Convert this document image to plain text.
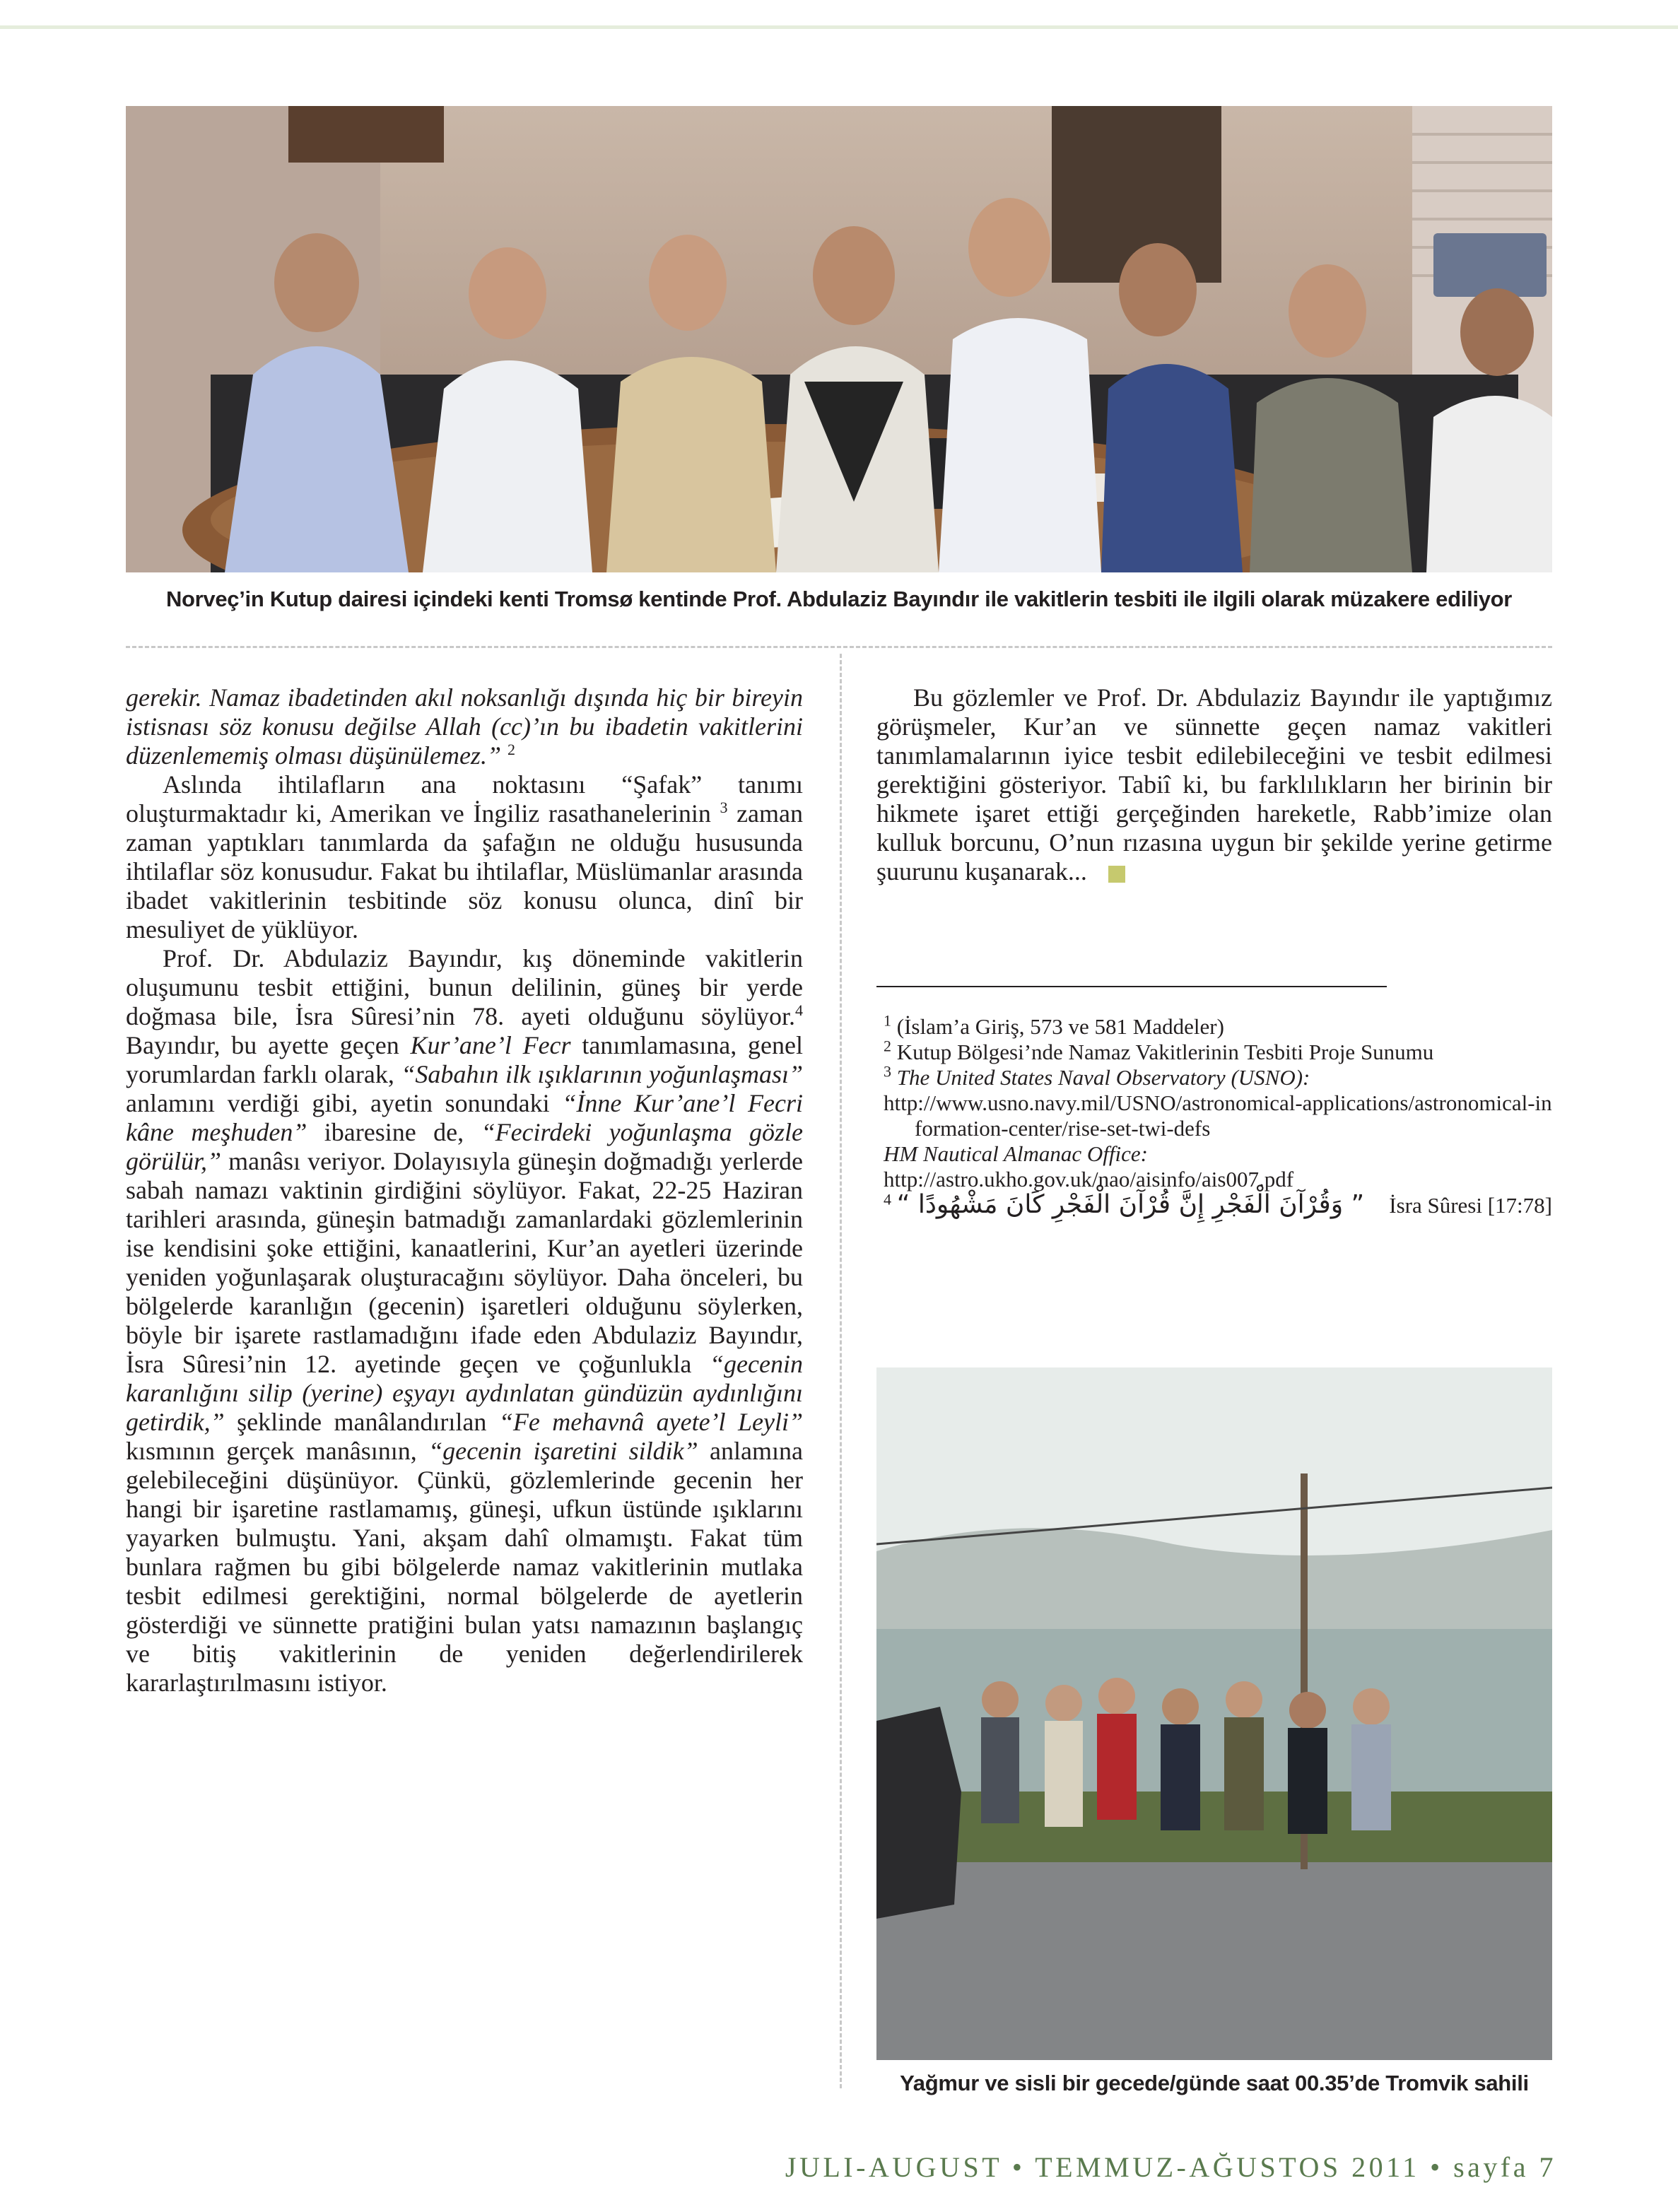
Norveç’in Kutup dairesi içindeki kenti Tromsø kentinde Prof. Abdulaziz Bayındır ile vakitlerin tesbiti ile ilgili olarak müzakere ediliyor

gerekir. Namaz ibadetinden akıl noksanlığı dışında hiç bir bireyin istisnası söz konusu değilse Allah (cc)’ın bu ibadetin vakitlerini düzenlememiş olması düşünülemez.” $^2$

Aslında ihtilafların ana noktasını “Şafak” tanımı oluşturmaktadır ki, Amerikan ve İngiliz rasathanelerinin $^3$ zaman zaman yaptıkları tanımlarda da şafağın ne olduğu hususunda ihtilaflar söz konusudur. Fakat bu ihtilaflar, Müslümanlar arasında ibadet vakitlerinin tesbitinde söz konusu olunca, dinî bir mesuliyet de yüklüyor.

Prof. Dr. Abdulaziz Bayındır, kış döneminde vakitlerin oluşumunu tesbit ettiğini, bunun delilinin, güneş bir yerde doğmasa bile, İsra Sûresi’nin 78. ayeti olduğunu söylüyor.$^4$ Bayındır, bu ayette geçen Kur’ane’l Fecr tanımlamasına, genel yorumlardan farklı olarak, “Sabahın ilk ışıklarının yoğunlaşması” anlamını verdiği gibi, ayetin sonundaki “İnne Kur’ane’l Fecri kâne meşhuden” ibaresine de, “Fecirdeki yoğunlaşma gözle görülür,” manâsı veriyor. Dolayısıyla güneşin doğmadığı yerlerde sabah namazı vaktinin girdiğini söylüyor. Fakat, 22-25 Haziran tarihleri arasında, güneşin batmadığı zamanlardaki gözlemlerinin ise kendisini şoke ettiğini, kanaatlerini, Kur’an ayetleri üzerinde yeniden yoğunlaşarak oluşturacağını söylüyor. Daha önceleri, bu bölgelerde karanlığın (gecenin) işaretleri olduğunu söylerken, böyle bir işarete rastlamadığını ifade eden Abdulaziz Bayındır, İsra Sûresi’nin 12. ayetinde geçen ve çoğunlukla “gecenin karanlığını silip (yerine) eşyayı aydınlatan gündüzün aydınlığını getirdik,” şeklinde manâlandırılan “Fe mehavnâ ayete’l Leyli” kısmının gerçek manâsının, “gecenin işaretini sildik” anlamına gelebileceğini düşünüyor. Çünkü, gözlemlerinde gecenin her hangi bir işaretine rastlamamış, güneşi, ufkun üstünde ışıklarını yayarken bulmuştu. Yani, akşam dahî olmamıştı. Fakat tüm bunlara rağmen bu gibi bölgelerde namaz vakitlerinin mutlaka tesbit edilmesi gerektiğini, normal bölgelerde de ayetlerin gösterdiği ve sünnette pratiğini bulan yatsı namazının başlangıç ve bitiş vakitlerinin de yeniden değerlendirilerek kararlaştırılmasını istiyor.

Bu gözlemler ve Prof. Dr. Abdulaziz Bayındır ile yaptığımız görüşmeler, Kur’an ve sünnette geçen namaz vakitleri tanımlamalarının iyice tesbit edilebileceğini ve tesbit edilmesi gerektiğini gösteriyor. Tabiî ki, bu farklılıkların her birinin bir hikmete işaret ettiği gerçeğinden hareketle, Rabb’imize olan kulluk borcunu, O’nun rızasına uygun bir şekilde yerine getirme şuurunu kuşanarak...

$^1$ (İslam’a Giriş, 573 ve 581 Maddeler)
$^2$ Kutup Bölgesi’nde Namaz Vakitlerinin Tesbiti Proje Sunumu
$^3$ The United States Naval Observatory (USNO):
http://www.usno.navy.mil/USNO/astronomical-applications/astronomical-information-center/rise-set-twi-defs
HM Nautical Almanac Office:
http://astro.ukho.gov.uk/nao/aisinfo/ais007.pdf
$^4$ “ وَقُرْآنَ الْفَجْرِ إِنَّ قُرْآنَ الْفَجْرِ كَانَ مَشْهُودًا ” İsra Sûresi [17:78]
Yağmur ve sisli bir gecede/günde saat 00.35’de Tromvik sahili
JULI-AUGUST • TEMMUZ-AĞUSTOS 2011 • sayfa 7
